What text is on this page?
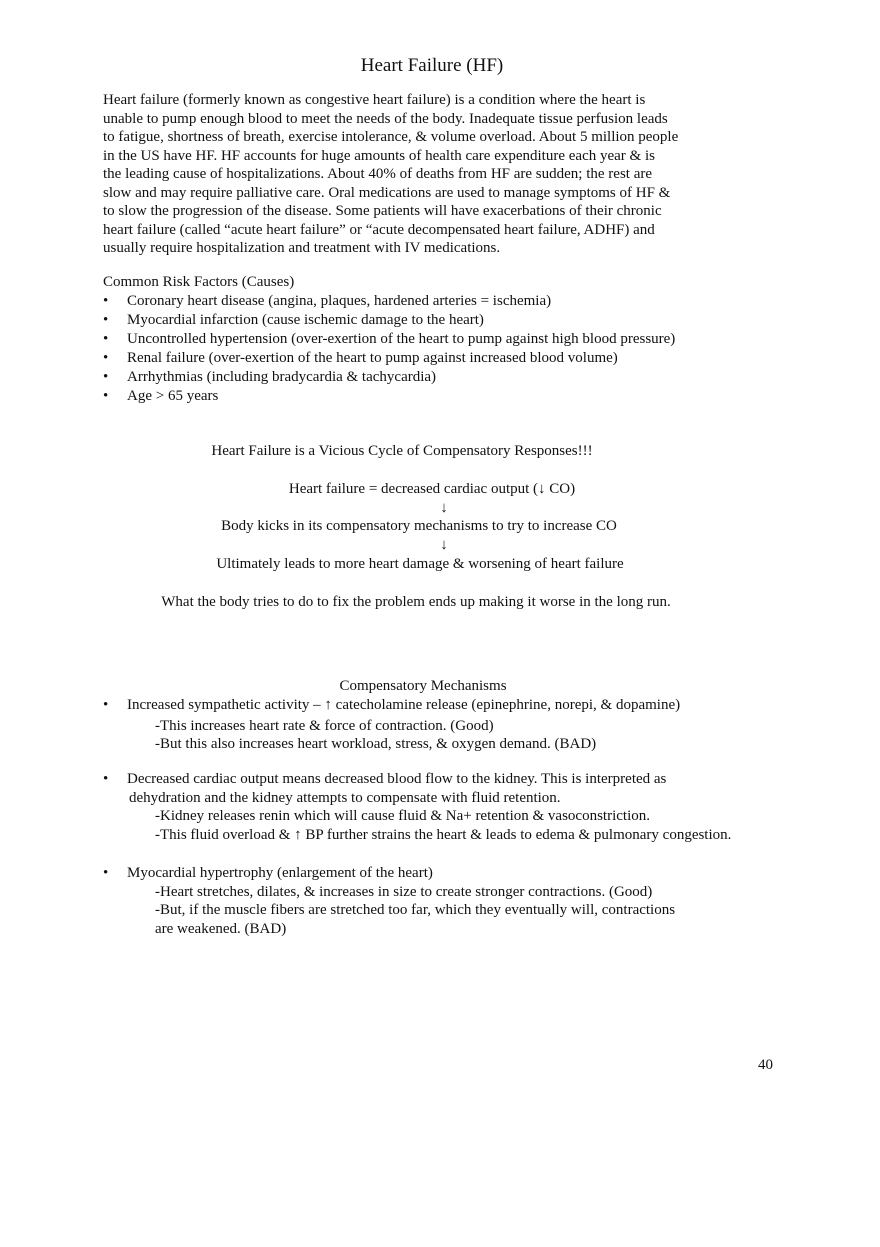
Heart Failure (HF)
Heart failure (formerly known as congestive heart failure) is a condition where the heart is
unable to pump enough blood to meet the needs of the body. Inadequate tissue perfusion leads
to fatigue, shortness of breath, exercise intolerance, & volume overload. About 5 million people
in the US have HF. HF accounts for huge amounts of health care expenditure each year & is
the leading cause of hospitalizations. About 40% of deaths from HF are sudden; the rest are
slow and may require palliative care. Oral medications are used to manage symptoms of HF &
to slow the progression of the disease. Some patients will have exacerbations of their chronic
heart failure (called “acute heart failure” or “acute decompensated heart failure, ADHF) and
usually require hospitalization and treatment with IV medications.
Common Risk Factors (Causes)
• Coronary heart disease (angina, plaques, hardened arteries = ischemia)
• Myocardial infarction (cause ischemic damage to the heart)
• Uncontrolled hypertension (over-exertion of the heart to pump against high blood pressure)
• Renal failure (over-exertion of the heart to pump against increased blood volume)
• Arrhythmias (including bradycardia & tachycardia)
• Age > 65 years
Heart Failure is a Vicious Cycle of Compensatory Responses!!!
Heart failure = decreased cardiac output (↓ CO)
↓
Body kicks in its compensatory mechanisms to try to increase CO
↓
Ultimately leads to more heart damage & worsening of heart failure
What the body tries to do to fix the problem ends up making it worse in the long run.
Compensatory Mechanisms
• Increased sympathetic activity – ↑ catecholamine release (epinephrine, norepi, & dopamine)
-This increases heart rate & force of contraction. (Good)
-But this also increases heart workload, stress, & oxygen demand. (BAD)
• Decreased cardiac output means decreased blood flow to the kidney. This is interpreted as
dehydration and the kidney attempts to compensate with fluid retention.
-Kidney releases renin which will cause fluid & Na+ retention & vasoconstriction.
-This fluid overload & ↑ BP further strains the heart & leads to edema & pulmonary congestion.
• Myocardial hypertrophy (enlargement of the heart)
-Heart stretches, dilates, & increases in size to create stronger contractions. (Good)
-But, if the muscle fibers are stretched too far, which they eventually will, contractions
are weakened. (BAD)
40
